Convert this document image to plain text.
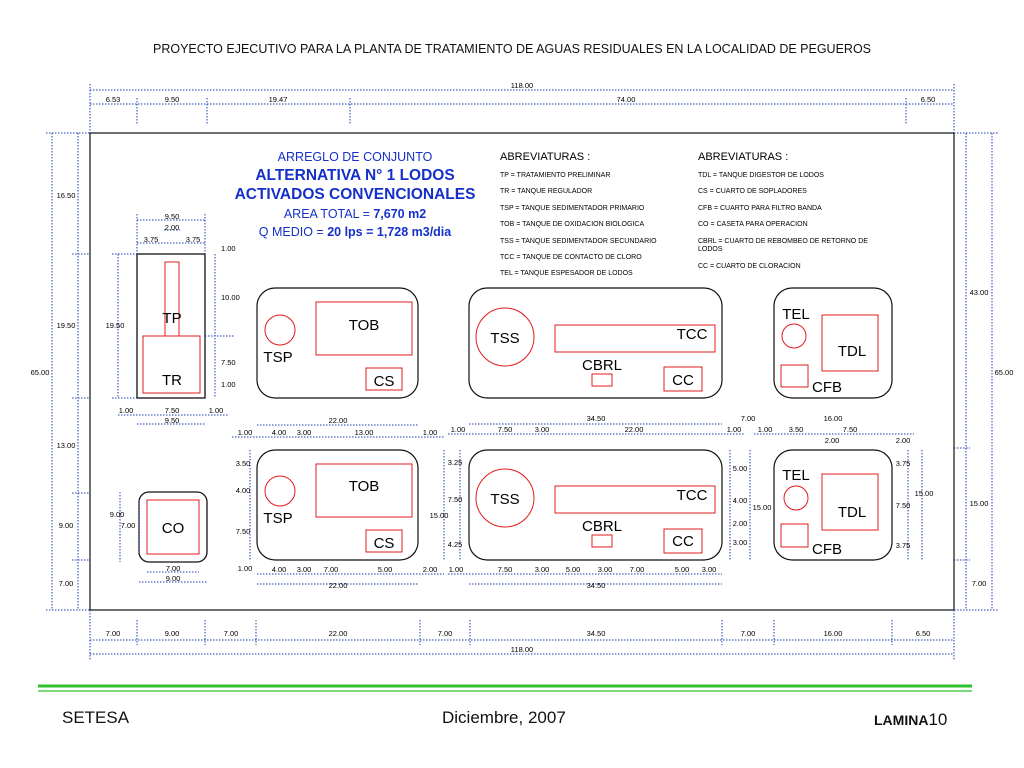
PROYECTO EJECUTIVO PARA LA PLANTA DE TRATAMIENTO DE AGUAS RESIDUALES EN LA LOCALIDAD DE PEGUEROS
118.00
6.53	9.50	19.47	74.00	6.50
7.00	9.00	7.00	22.00	7.00	34.50	7.00	16.00	6.50
118.00
65.00
16.50
19.50
13.00
9.00
7.00
43.00
15.00
7.00
65.00
ARREGLO DE CONJUNTO
ALTERNATIVA N° 1 LODOS
ACTIVADOS CONVENCIONALES
AREA TOTAL = 7,670 m2
Q MEDIO = 20 lps = 1,728 m3/dia
ABREVIATURAS :
TP = TRATAMIENTO PRELIMINAR
TR = TANQUE REGULADOR
TSP = TANQUE SEDIMENTADOR PRIMARIO
TOB = TANQUE DE OXIDACION BIOLOGICA
TSS = TANQUE SEDIMENTADOR SECUNDARIO
TCC = TANQUE DE CONTACTO DE CLORO
TEL = TANQUE ESPESADOR DE LODOS
ABREVIATURAS :
TDL = TANQUE DIGESTOR DE LODOS
CS = CUARTO DE SOPLADORES
CFB = CUARTO PARA FILTRO BANDA
CO = CASETA PARA OPERACION
CBRL = CUARTO DE REBOMBEO DE RETORNO DE
LODOS
CC = CUARTO DE CLORACION
TP
TR
9.50
3.75
2.00
3.75
1.00
19.50
10.00
7.50
1.00
1.00	7.50	1.00
9.50
CO
9.00
7.00
7.00
9.00
TSP
TOB
CS
TSS	TCC
CBRL
CC
TEL
TDL
CFB
22.00
1.00	4.00 3.00	13.00	1.00
34.50
1.00	7.50	3.00	22.00	1.00
7.00	16.00
1.00 3.50	7.50
2.00	2.00
TSP
TOB
CS
3.50
4.00
7.50
1.00
TSS	TCC
CBRL
CC
3.25
7.50
15.00
4.25
5.00
4.00
15.00
2.00
3.00
TEL
TDL
CFB
3.75
7.50
15.00
3.75
4.00 3.00 7.00	5.00	2.00
22.00
1.00	7.50	3.00 5.00 3.00 7.00	5.00 3.00
34.50
SETESA	Diciembre, 2007	LAMINA10
